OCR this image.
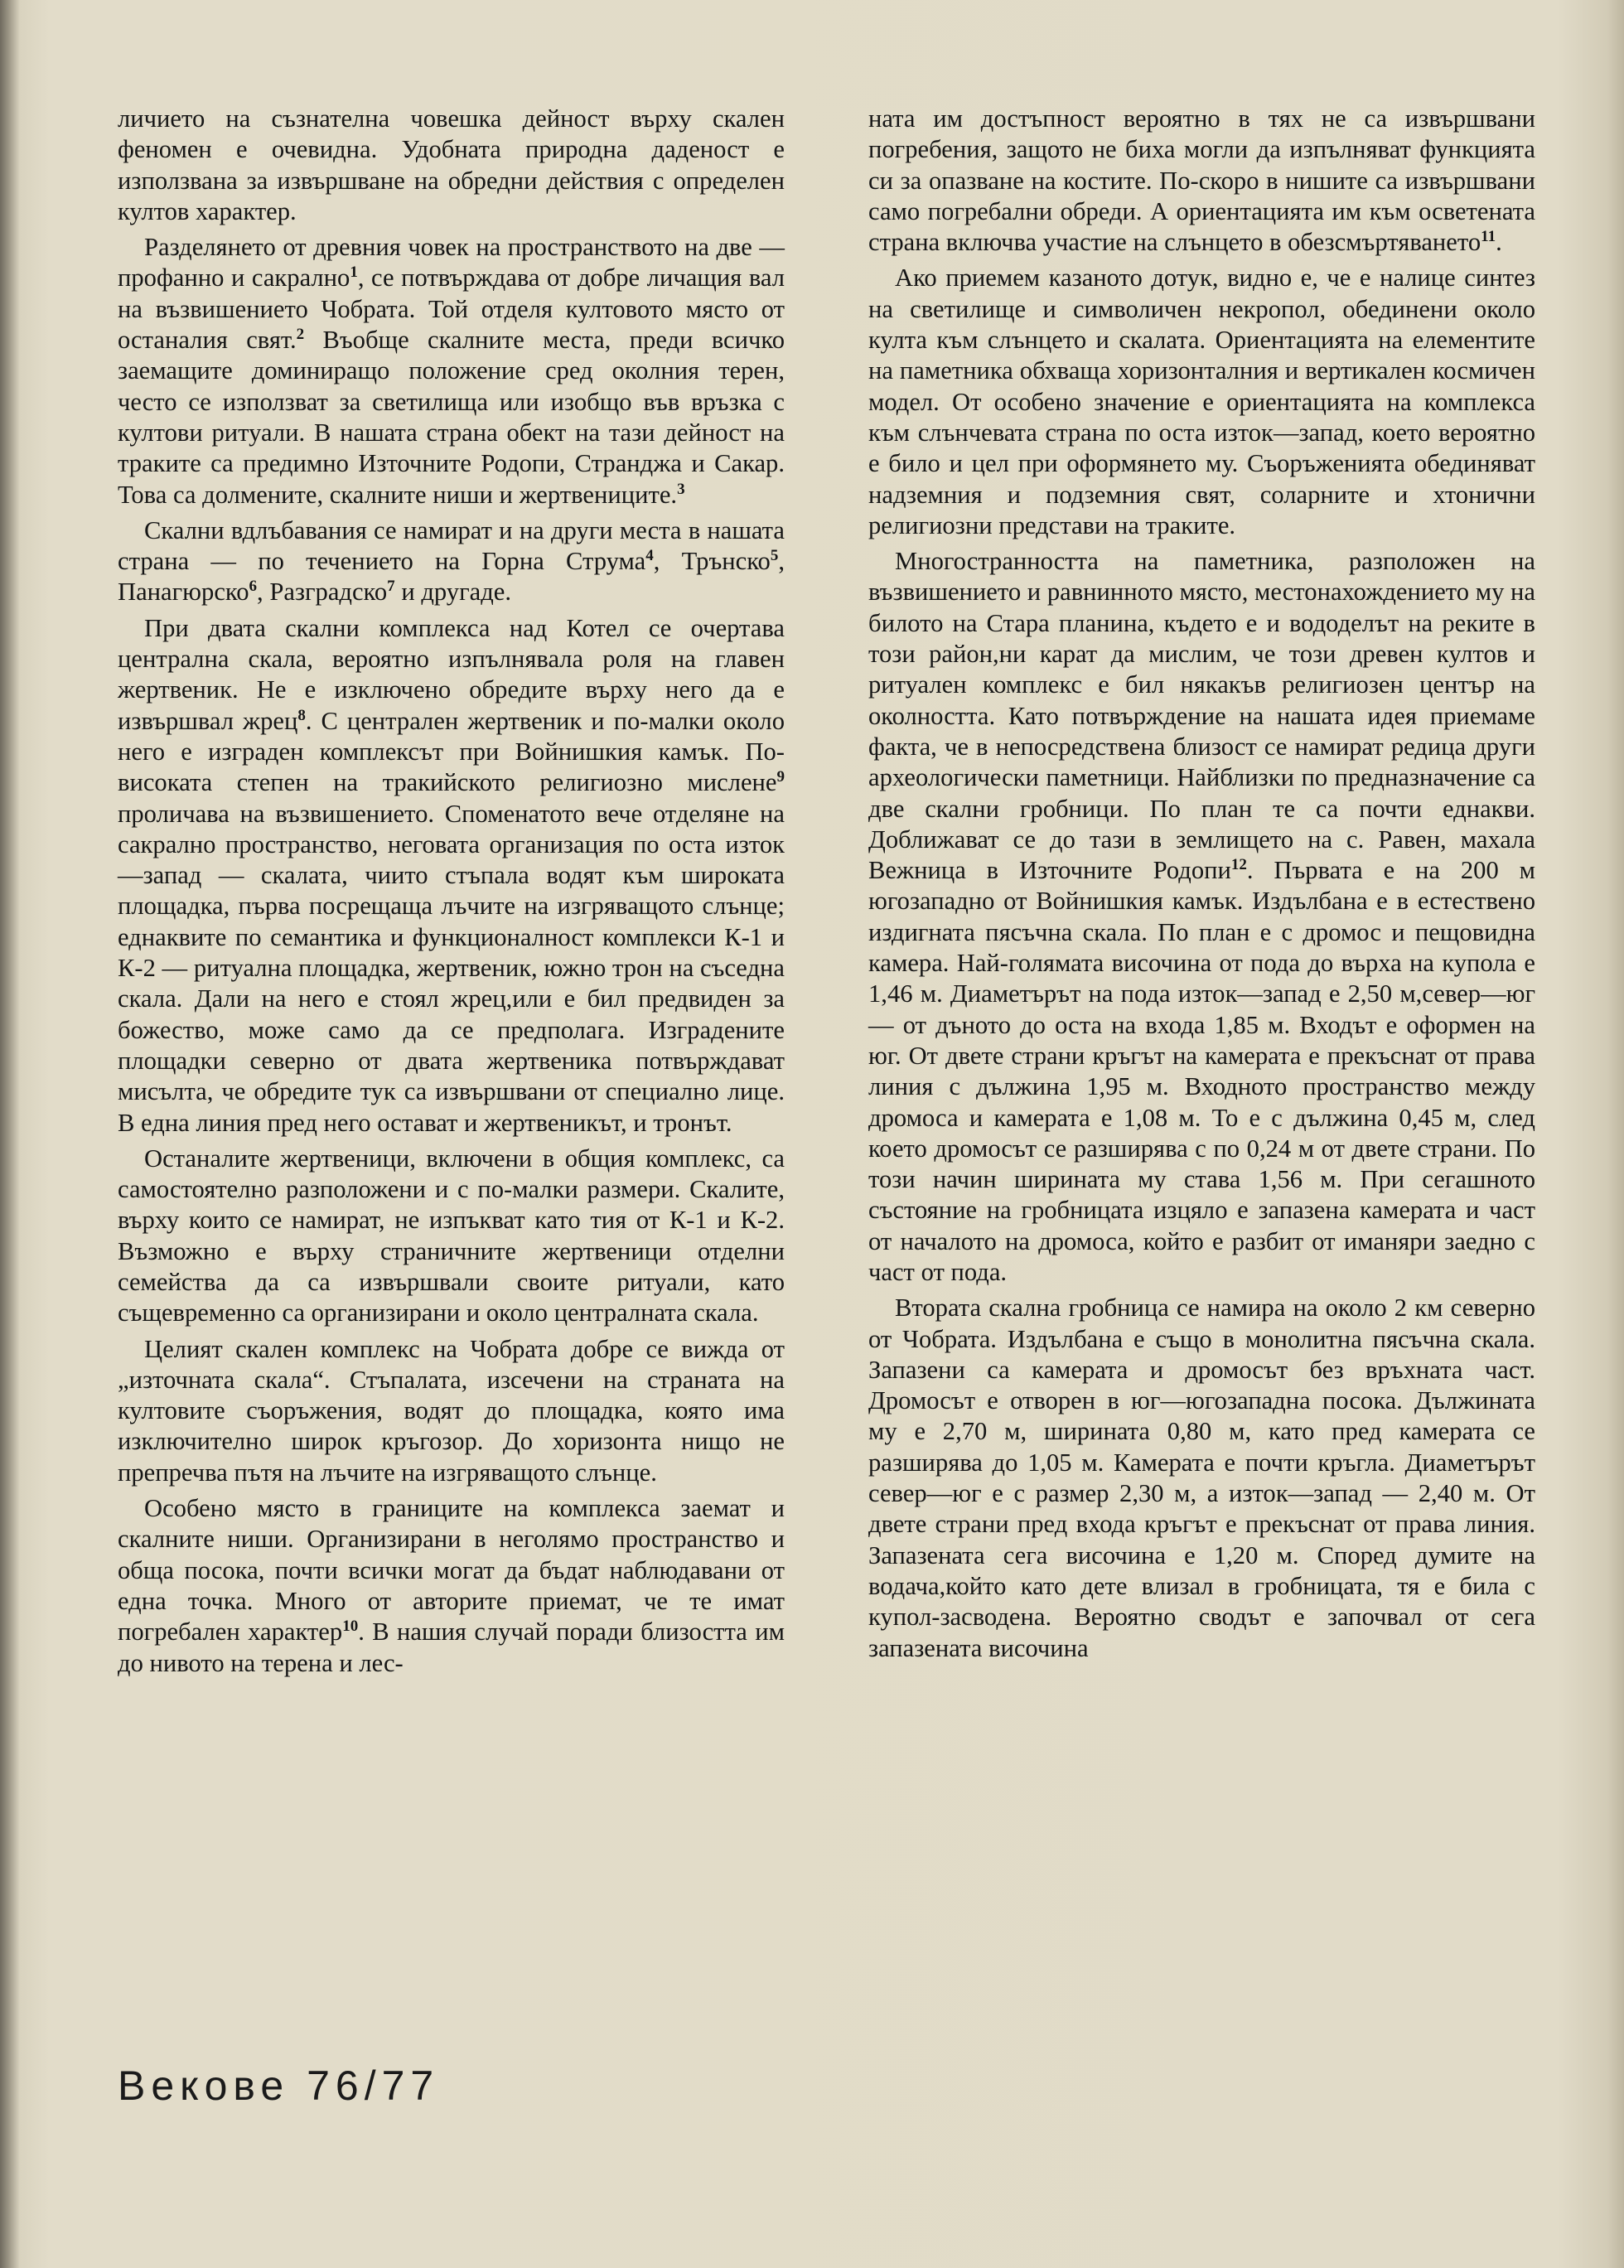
личието на съзнателна човешка дейност върху скален феномен е очевидна. Удобната природна даденост е използвана за извършване на обредни действия с определен култов характер.

Разделянето от древния човек на пространството на две — профанно и сакрално$^1$, се потвърждава от добре личащия вал на възвишението Чобрата. Той отделя култовото място от останалия свят.$^2$ Въобще скалните места, преди всичко заемащите доминиращо положение сред околния терен, често се използват за светилища или изобщо във връзка с култови ритуали. В нашата страна обект на тази дейност на траките са предимно Източните Родопи, Странджа и Сакар. Това са долмените, скалните ниши и жертвениците.$^3$

Скални вдлъбавания се намират и на други места в нашата страна — по течението на Горна Струма$^4$, Трънско$^5$, Панагюрско$^6$, Разградско$^7$ и другаде.

При двата скални комплекса над Котел се очертава централна скала, вероятно изпълнявала роля на главен жертвеник. Не е изключено обредите върху него да е извършвал жрец$^8$. С централен жертвеник и по-малки около него е изграден комплексът при Войнишкия камък. По-високата степен на тракийското религиозно мислене$^9$ проличава на възвишението. Споменатото вече отделяне на сакрално пространство, неговата организация по оста изток—запад — скалата, чиито стъпала водят към широката площадка, първа посрещаща лъчите на изгряващото слънце; еднаквите по семантика и функционалност комплекси К-1 и К-2 — ритуална площадка, жертвеник, южно трон на съседна скала. Дали на него е стоял жрец,или е бил предвиден за божество, може само да се предполага. Изградените площадки северно от двата жертвеника потвърждават мисълта, че обредите тук са извършвани от специално лице. В една линия пред него остават и жертвеникът, и тронът.

Останалите жертвеници, включени в общия комплекс, са самостоятелно разположени и с по-малки размери. Скалите, върху които се намират, не изпъкват като тия от К-1 и К-2. Възможно е върху страничните жертвеници отделни семейства да са извършвали своите ритуали, като същевременно са организирани и около централната скала.

Целият скален комплекс на Чобрата добре се вижда от „източната скала“. Стъпалата, изсечени на страната на култовите съоръжения, водят до площадка, която има изключително широк кръгозор. До хоризонта нищо не препречва пътя на лъчите на изгряващото слънце.

Особено място в границите на комплекса заемат и скалните ниши. Организирани в неголямо пространство и обща посока, почти всички могат да бъдат наблюдавани от една точка. Много от авторите приемат, че те имат погребален характер$^{10}$. В нашия случай поради близостта им до нивото на терена и лес-

ната им достъпност вероятно в тях не са извършвани погребения, защото не биха могли да изпълняват функцията си за опазване на костите. По-скоро в нишите са извършвани само погребални обреди. А ориентацията им към осветената страна включва участие на слънцето в обезсмъртяването$^{11}$.

Ако приемем казаното дотук, видно е, че е налице синтез на светилище и символичен некропол, обединени около култа към слънцето и скалата. Ориентацията на елементите на паметника обхваща хоризонталния и вертикален космичен модел. От особено значение е ориентацията на комплекса към слънчевата страна по оста изток—запад, което вероятно е било и цел при оформянето му. Съоръженията обединяват надземния и подземния свят, соларните и хтонични религиозни представи на траките.

Многостранността на паметника, разположен на възвишението и равнинното място, местонахождението му на билото на Стара планина, където е и вододелът на реките в този район,ни карат да мислим, че този древен култов и ритуален комплекс е бил някакъв религиозен център на околността. Като потвърждение на нашата идея приемаме факта, че в непосредствена близост се намират редица други археологически паметници. Найблизки по предназначение са две скални гробници. По план те са почти еднакви. Доближават се до тази в землището на с. Равен, махала Вежница в Източните Родопи$^{12}$. Първата е на 200 м югозападно от Войнишкия камък. Издълбана е в естествено издигната пясъчна скала. По план е с дромос и пещовидна камера. Най-голямата височина от пода до върха на купола е 1,46 м. Диаметърът на пода изток—запад е 2,50 м,север—юг — от дъното до оста на входа 1,85 м. Входът е оформен на юг. От двете страни кръгът на камерата е прекъснат от права линия с дължина 1,95 м. Входното пространство между дромоса и камерата е 1,08 м. То е с дължина 0,45 м, след което дромосът се разширява с по 0,24 м от двете страни. По този начин ширината му става 1,56 м. При сегашното състояние на гробницата изцяло е запазена камерата и част от началото на дромоса, който е разбит от иманяри заедно с част от пода.

Втората скална гробница се намира на около 2 км северно от Чобрата. Издълбана е също в монолитна пясъчна скала. Запазени са камерата и дромосът без връхната част. Дромосът е отворен в юг—югозападна посока. Дължината му е 2,70 м, ширината 0,80 м, като пред камерата се разширява до 1,05 м. Камерата е почти кръгла. Диаметърът север—юг е с размер 2,30 м, а изток—запад — 2,40 м. От двете страни пред входа кръгът е прекъснат от права линия. Запазената сега височина е 1,20 м. Според думите на водача,който като дете влизал в гробницата, тя е била с купол-засводена. Вероятно сводът е започвал от сега запазената височина

Векове 76/77
